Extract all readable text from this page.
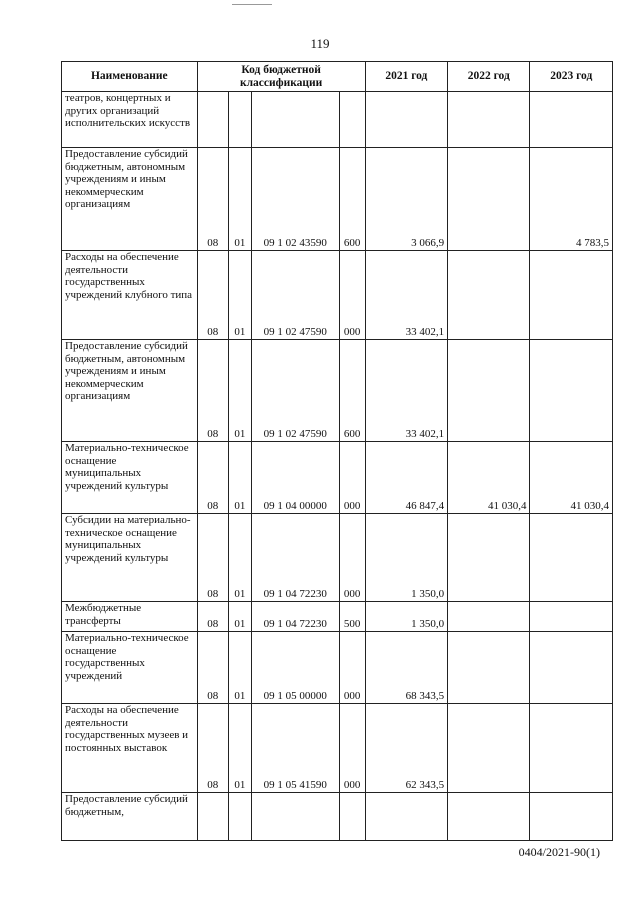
119
Наименование	Код бюджетной классификации				2021 год	2022 год	2023 год
театров, концертных и других организаций исполнительских искусств							
Предоставление субсидий бюджетным, автономным учреждениям и иным некоммерческим организациям	08	01	09 1 02 43590	600	3 066,9		4 783,5
Расходы на обеспечение деятельности государственных учреждений клубного типа	08	01	09 1 02 47590	000	33 402,1		
Предоставление субсидий бюджетным, автономным учреждениям и иным некоммерческим организациям	08	01	09 1 02 47590	600	33 402,1		
Материально-техническое оснащение муниципальных учреждений культуры	08	01	09 1 04 00000	000	46 847,4	41 030,4	41 030,4
Субсидии на материально-техническое оснащение муниципальных учреждений культуры	08	01	09 1 04 72230	000	1 350,0		
Межбюджетные трансферты	08	01	09 1 04 72230	500	1 350,0		
Материально-техническое оснащение государственных учреждений	08	01	09 1 05 00000	000	68 343,5		
Расходы на обеспечение деятельности государственных музеев и постоянных выставок	08	01	09 1 05 41590	000	62 343,5		
Предоставление субсидий бюджетным,							
0404/2021-90(1)
